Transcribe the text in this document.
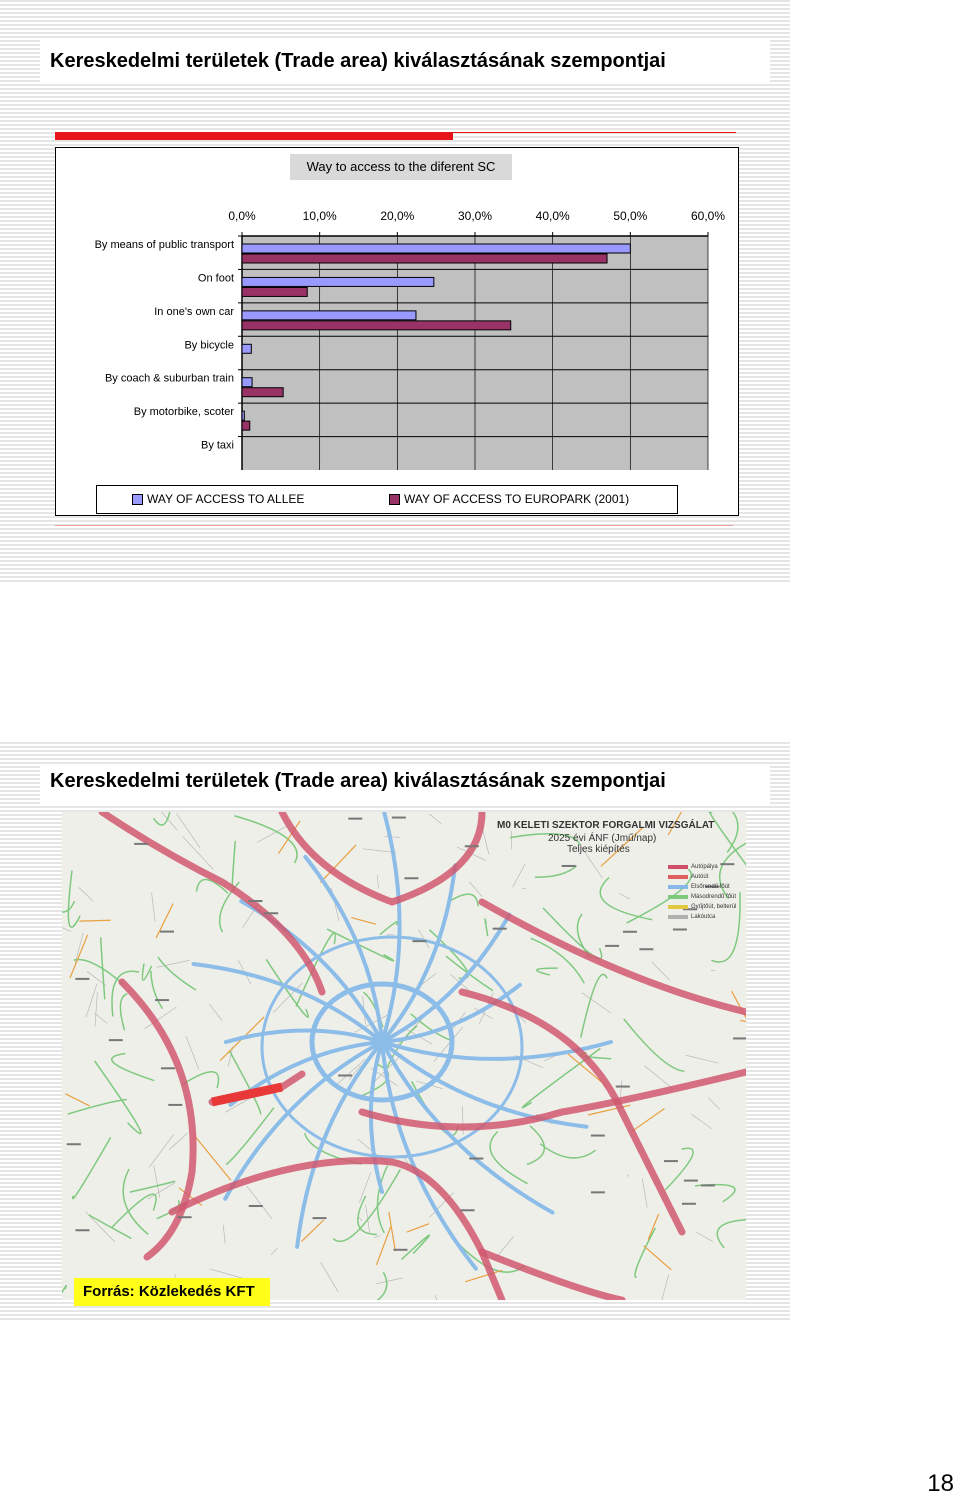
Kereskedelmi területek (Trade area) kiválasztásának szempontjai
Way to access to the diferent SC
0,0%	10,0%	20,0%	30,0%	40,0%	50,0%	60,0%
By means of public transport
On foot
In one's own car
By bicycle
By coach & suburban train
By motorbike, scoter
By taxi
WAY OF ACCESS TO ALLEE	WAY OF ACCESS TO EUROPARK (2001)
Kereskedelmi területek (Trade area) kiválasztásának szempontjai
M0 KELETI SZEKTOR FORGALMI VIZSGÁLAT
2025 évi ÁNF (Jmű/nap)
Teljes kiépítés
Autópálya
Autóút
Elsőrendű főút
Másodrendű főút
Gyűjtőút, belterül
Lakóutca
Forrás: Közlekedés KFT
18
